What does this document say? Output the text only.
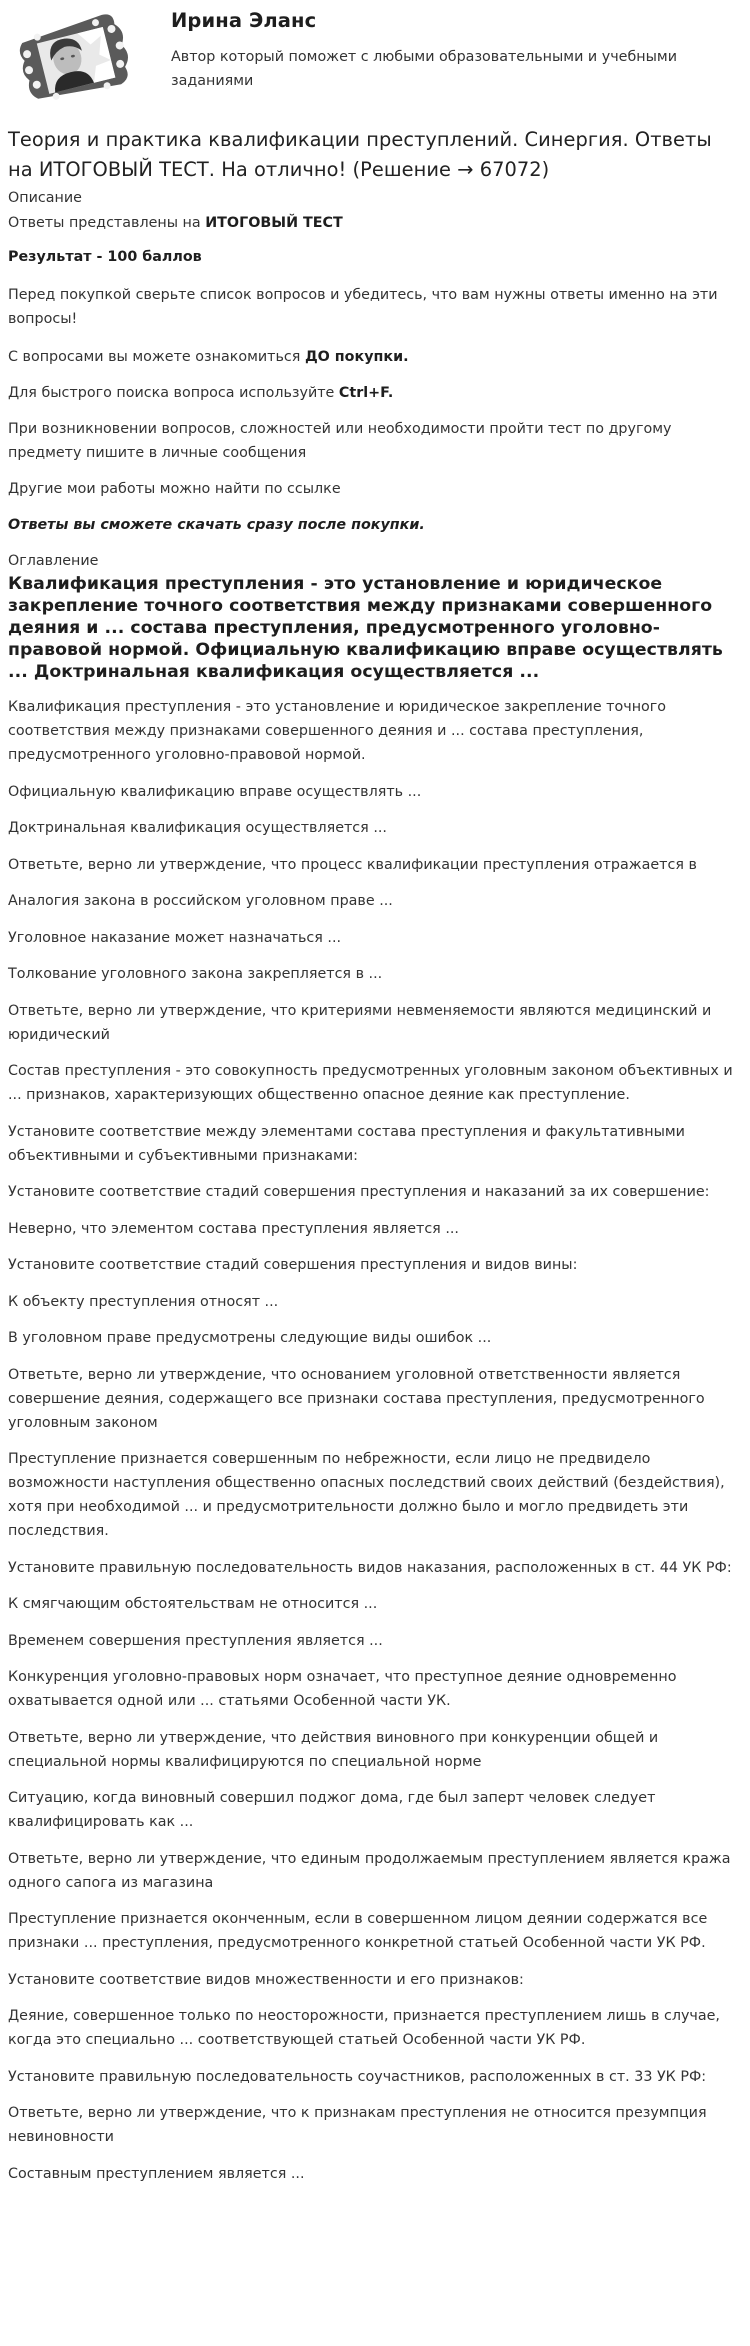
Ирина Эланс
Автор который поможет с любыми образовательными и учебными заданиями
Теория и практика квалификации преступлений. Синергия. Ответы на ИТОГОВЫЙ ТЕСТ. На отлично! (Решение → 67072)
Описание
Ответы представлены на ИТОГОВЫЙ ТЕСТ
Результат - 100 баллов
Перед покупкой сверьте список вопросов и убедитесь, что вам нужны ответы именно на эти вопросы!
С вопросами вы можете ознакомиться ДО покупки.
Для быстрого поиска вопроса используйте Ctrl+F.
При возникновении вопросов, сложностей или необходимости пройти тест по другому предмету пишите в личные сообщения
Другие мои работы можно найти по ссылке
Ответы вы сможете скачать сразу после покупки.
Оглавление
Квалификация преступления - это установление и юридическое закрепление точного соответствия между признаками совершенного деяния и ... состава преступления, предусмотренного уголовно-правовой нормой. Официальную квалификацию вправе осуществлять ... Доктринальная квалификация осуществляется ...
Квалификация преступления - это установление и юридическое закрепление точного соответствия между признаками совершенного деяния и ... состава преступления, предусмотренного уголовно-правовой нормой.
Официальную квалификацию вправе осуществлять ...
Доктринальная квалификация осуществляется ...
Ответьте, верно ли утверждение, что процесс квалификации преступления отражается в
Аналогия закона в российском уголовном праве ...
Уголовное наказание может назначаться ...
Толкование уголовного закона закрепляется в ...
Ответьте, верно ли утверждение, что критериями невменяемости являются медицинский и юридический
Состав преступления - это совокупность предусмотренных уголовным законом объективных и ... признаков, характеризующих общественно опасное деяние как преступление.
Установите соответствие между элементами состава преступления и факультативными объективными и субъективными признаками:
Установите соответствие стадий совершения преступления и наказаний за их совершение:
Неверно, что элементом состава преступления является ...
Установите соответствие стадий совершения преступления и видов вины:
К объекту преступления относят ...
В уголовном праве предусмотрены следующие виды ошибок ...
Ответьте, верно ли утверждение, что основанием уголовной ответственности является совершение деяния, содержащего все признаки состава преступления, предусмотренного уголовным законом
Преступление признается совершенным по небрежности, если лицо не предвидело возможности наступления общественно опасных последствий своих действий (бездействия), хотя при необходимой ... и предусмотрительности должно было и могло предвидеть эти последствия.
Установите правильную последовательность видов наказания, расположенных в ст. 44 УК РФ:
К смягчающим обстоятельствам не относится ...
Временем совершения преступления является ...
Конкуренция уголовно-правовых норм означает, что преступное деяние одновременно охватывается одной или ... статьями Особенной части УК.
Ответьте, верно ли утверждение, что действия виновного при конкуренции общей и специальной нормы квалифицируются по специальной норме
Ситуацию, когда виновный совершил поджог дома, где был заперт человек следует квалифицировать как ...
Ответьте, верно ли утверждение, что единым продолжаемым преступлением является кража одного сапога из магазина
Преступление признается оконченным, если в совершенном лицом деянии содержатся все признаки ... преступления, предусмотренного конкретной статьей Особенной части УК РФ.
Установите соответствие видов множественности и его признаков:
Деяние, совершенное только по неосторожности, признается преступлением лишь в случае, когда это специально ... соответствующей статьей Особенной части УК РФ.
Установите правильную последовательность соучастников, расположенных в ст. 33 УК РФ:
Ответьте, верно ли утверждение, что к признакам преступления не относится презумпция невиновности
Составным преступлением является ...
